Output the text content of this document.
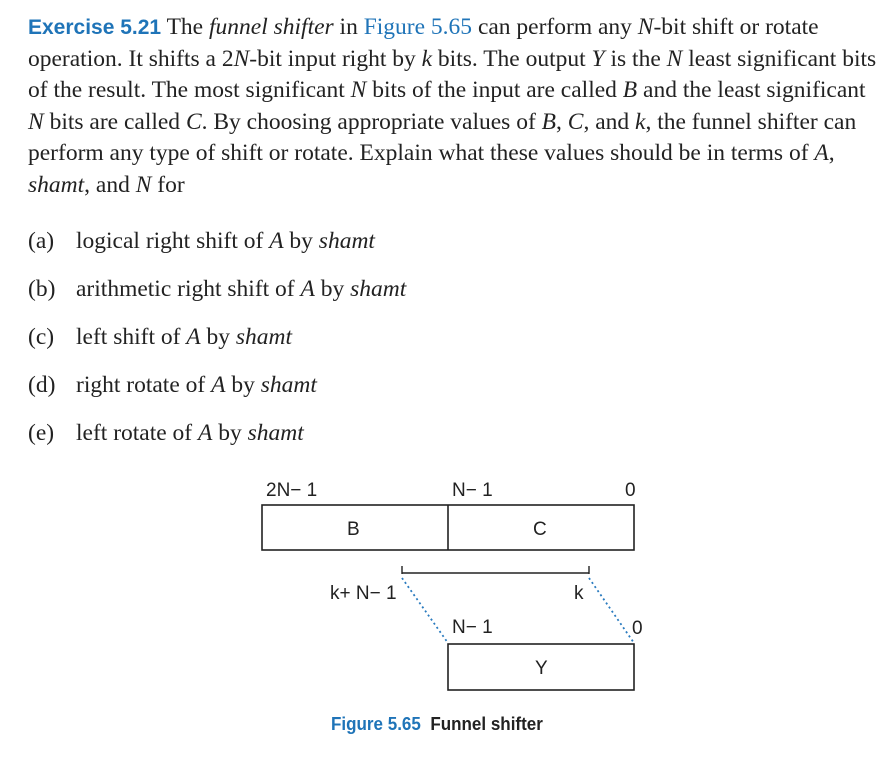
Exercise 5.21 The funnel shifter in Figure 5.65 can perform any N-bit shift or rotate operation. It shifts a 2N-bit input right by k bits. The output Y is the N least significant bits of the result. The most significant N bits of the input are called B and the least significant N bits are called C. By choosing appropriate values of B, C, and k, the funnel shifter can perform any type of shift or rotate. Explain what these values should be in terms of A, shamt, and N for
(a) logical right shift of A by shamt
(b) arithmetic right shift of A by shamt
(c) left shift of A by shamt
(d) right rotate of A by shamt
(e) left rotate of A by shamt
2N− 1	N− 1	0
B	C
k+ N− 1	k
N− 1	0
Y
Figure 5.65 Funnel shifter
